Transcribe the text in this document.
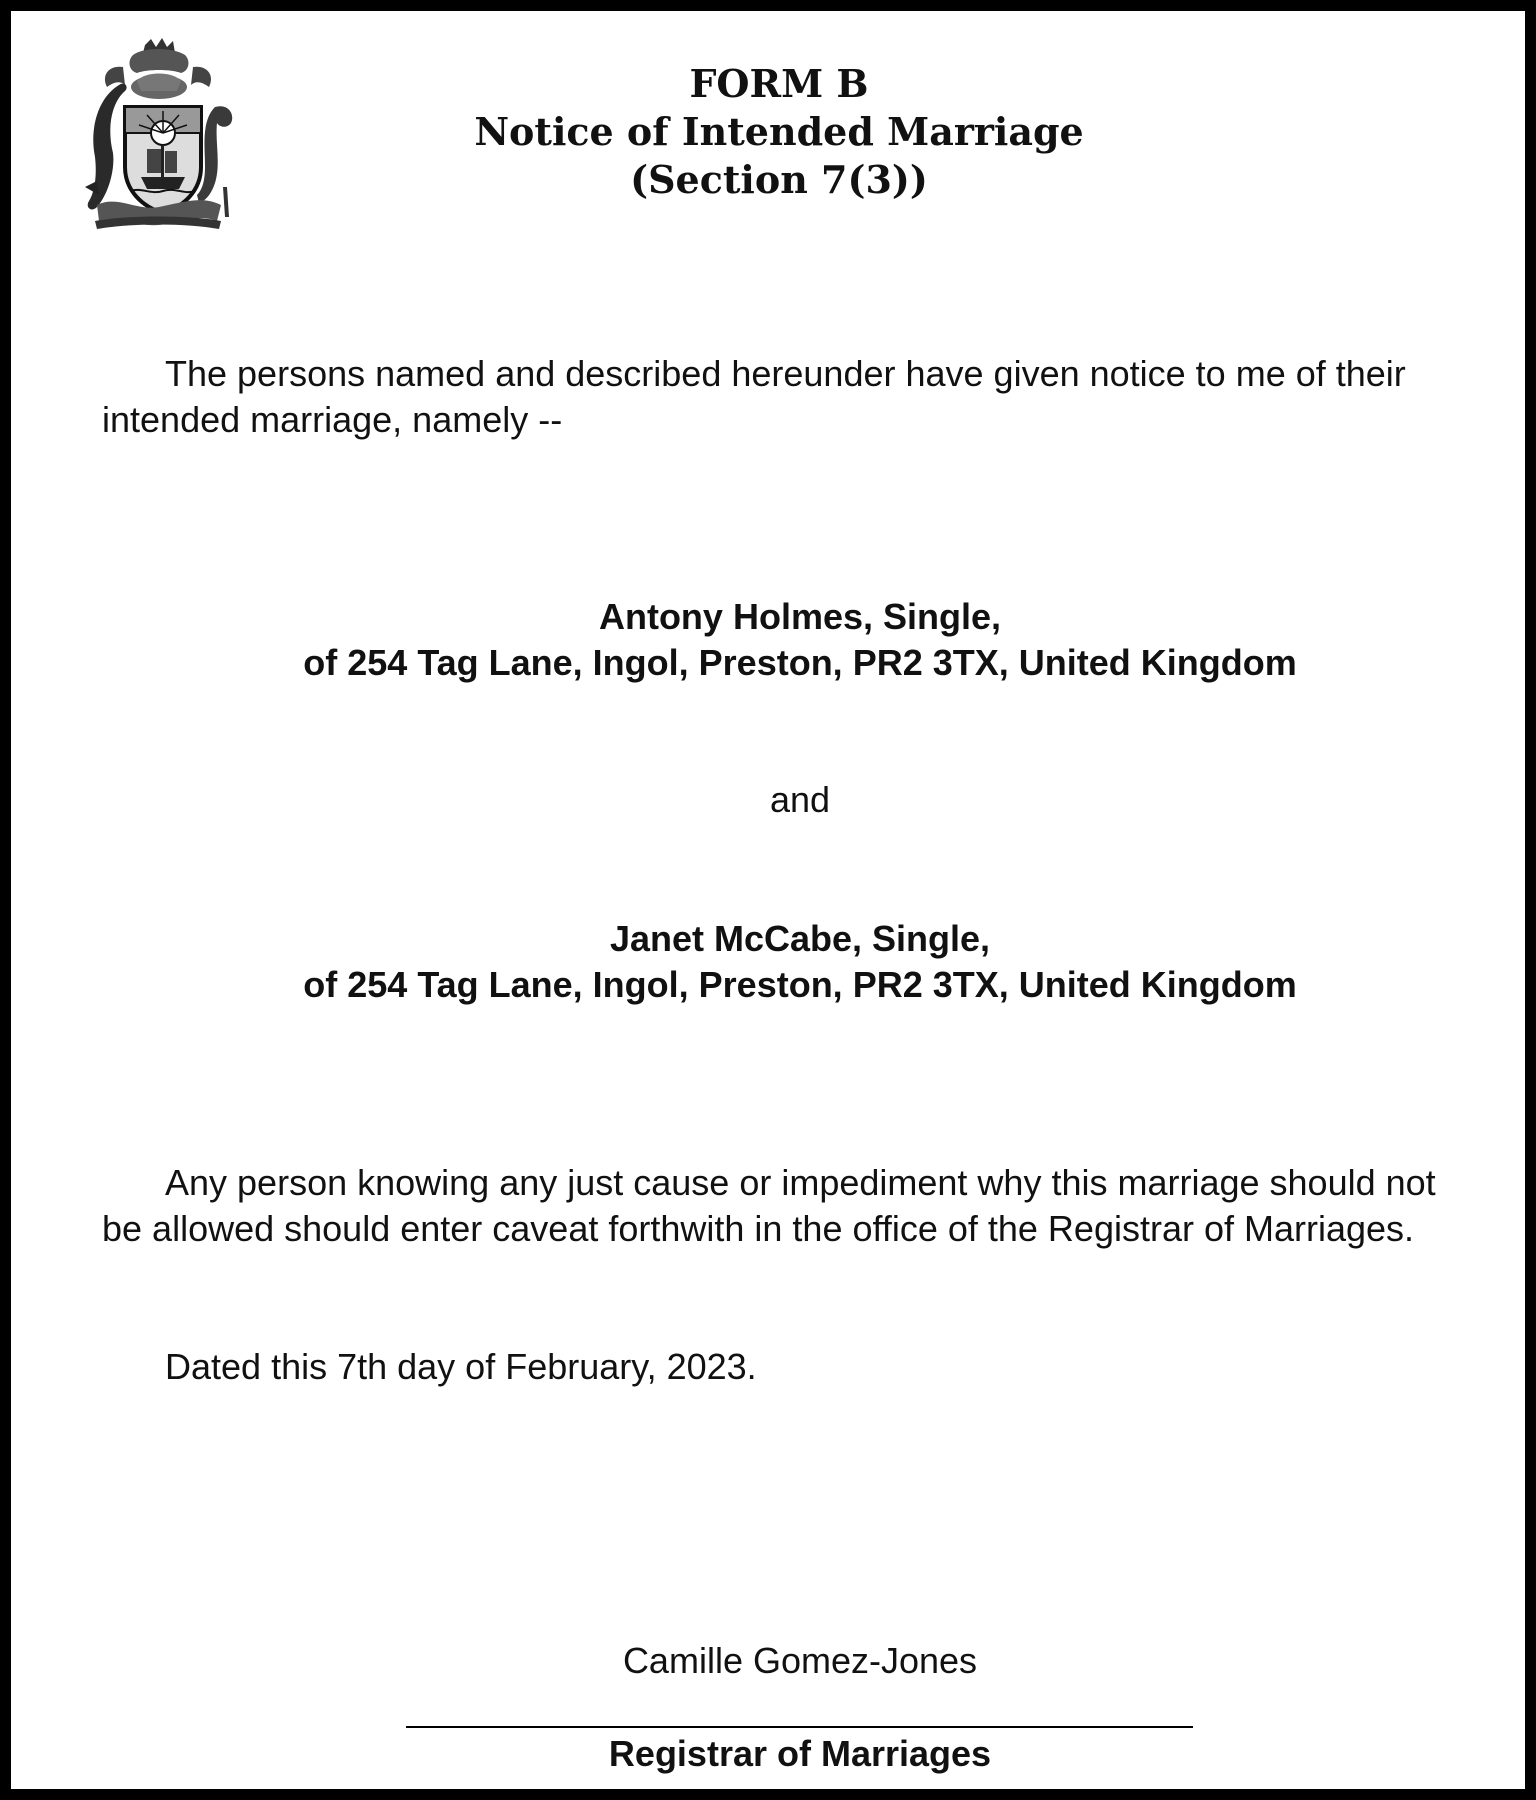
FORM B
Notice of Intended Marriage
(Section 7(3))
The persons named and described hereunder have given notice to me of their
intended marriage, namely --
Antony Holmes, Single,
of 254 Tag Lane, Ingol, Preston, PR2 3TX, United Kingdom
and
Janet McCabe, Single,
of 254 Tag Lane, Ingol, Preston, PR2 3TX, United Kingdom
Any person knowing any just cause or impediment why this marriage should not
be allowed should enter caveat forthwith in the office of the Registrar of Marriages.
Dated this 7th day of February, 2023.
Camille Gomez-Jones
Registrar of Marriages
